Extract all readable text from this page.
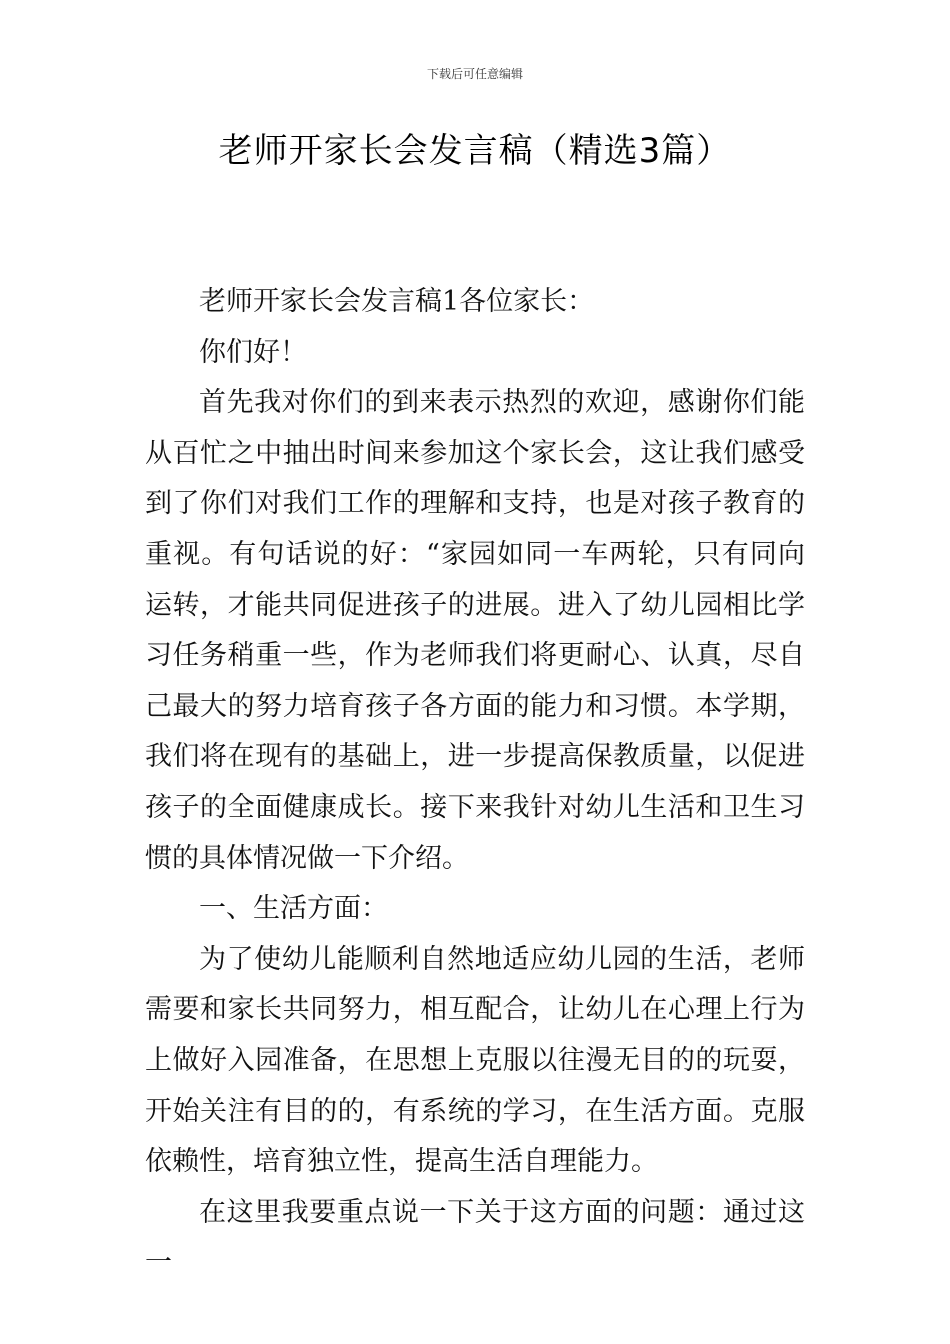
下载后可任意编辑
老师开家长会发言稿（精选3篇）

老师开家长会发言稿1各位家长：

你们好！

首先我对你们的到来表示热烈的欢迎，感谢你们能从百忙之中抽出时间来参加这个家长会，这让我们感受到了你们对我们工作的理解和支持，也是对孩子教育的重视。有句话说的好：“家园如同一车两轮，只有同向运转，才能共同促进孩子的进展。进入了幼儿园相比学习任务稍重一些，作为老师我们将更耐心、认真，尽自己最大的努力培育孩子各方面的能力和习惯。本学期，我们将在现有的基础上，进一步提高保教质量，以促进孩子的全面健康成长。接下来我针对幼儿生活和卫生习惯的具体情况做一下介绍。

一、生活方面：

为了使幼儿能顺利自然地适应幼儿园的生活，老师需要和家长共同努力，相互配合，让幼儿在心理上行为上做好入园准备，在思想上克服以往漫无目的的玩耍，开始关注有目的的，有系统的学习，在生活方面。克服依赖性，培育独立性，提高生活自理能力。

在这里我要重点说一下关于这方面的问题：通过这一
